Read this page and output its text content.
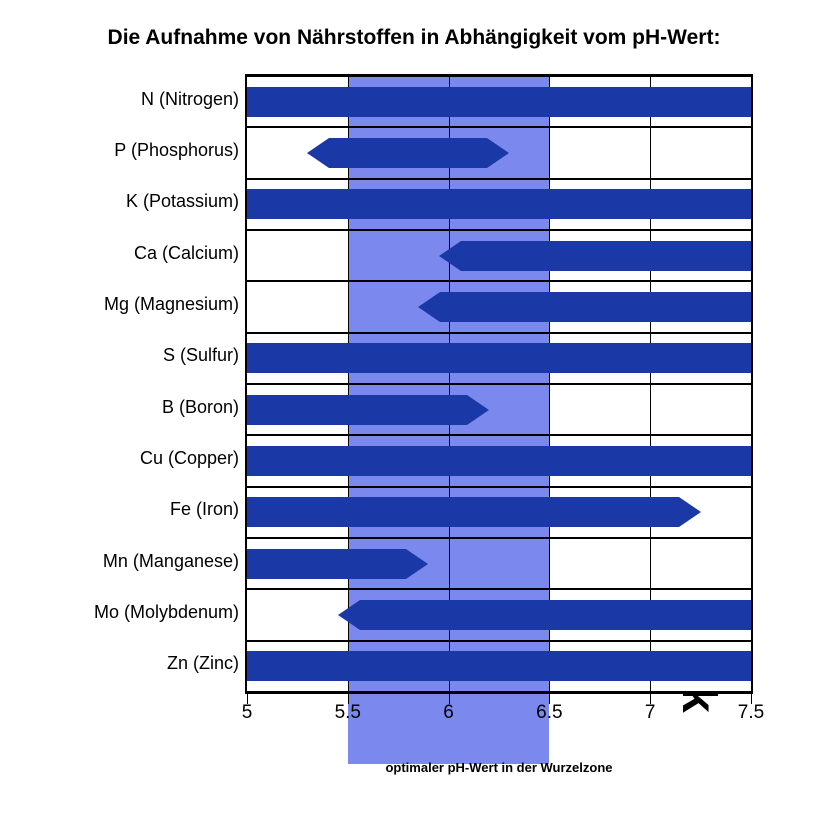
Die Aufnahme von Nährstoffen in Abhängigkeit vom pH-Wert:
N (Nitrogen)
P (Phosphorus)
K (Potassium)
Ca (Calcium)
Mg (Magnesium)
S (Sulfur)
B (Boron)
Cu (Copper)
Fe (Iron)
Mn (Manganese)
Mo (Molybdenum)
Zn (Zinc)
5	5.5	6	6.5	7	7.5
optimaler pH-Wert in der Wurzelzone
